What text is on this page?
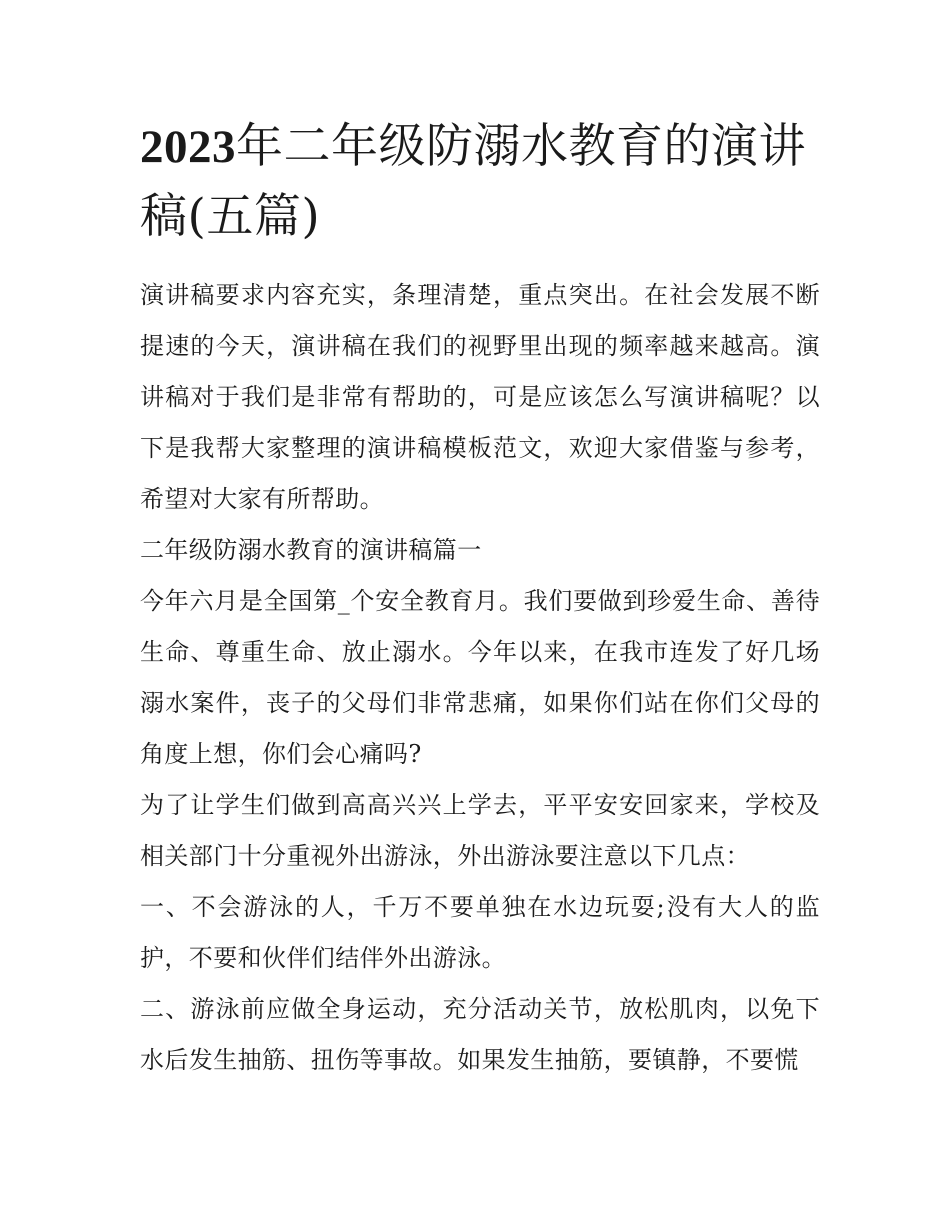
2023年二年级防溺水教育的演讲稿(五篇)

演讲稿要求内容充实，条理清楚，重点突出。在社会发展不断提速的今天，演讲稿在我们的视野里出现的频率越来越高。演讲稿对于我们是非常有帮助的，可是应该怎么写演讲稿呢？以下是我帮大家整理的演讲稿模板范文，欢迎大家借鉴与参考，希望对大家有所帮助。

二年级防溺水教育的演讲稿篇一

今年六月是全国第_个安全教育月。我们要做到珍爱生命、善待生命、尊重生命、放止溺水。今年以来，在我市连发了好几场溺水案件，丧子的父母们非常悲痛，如果你们站在你们父母的角度上想，你们会心痛吗?

为了让学生们做到高高兴兴上学去，平平安安回家来，学校及相关部门十分重视外出游泳，外出游泳要注意以下几点：

一、不会游泳的人，千万不要单独在水边玩耍;没有大人的监护，不要和伙伴们结伴外出游泳。

二、游泳前应做全身运动，充分活动关节，放松肌肉，以免下水后发生抽筋、扭伤等事故。如果发生抽筋，要镇静，不要慌
